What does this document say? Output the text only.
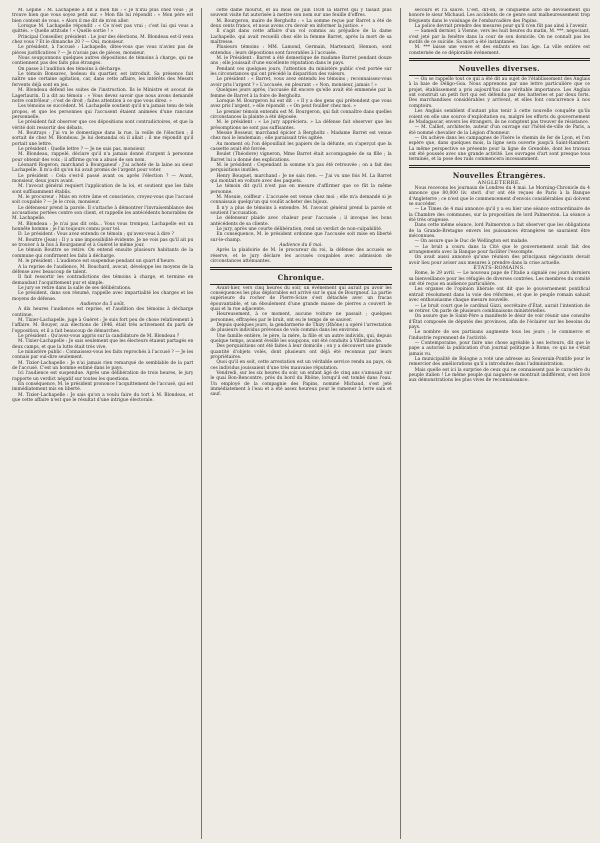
M. Lépine : M. Lachapelle a dit à mon fils : « Je n'irai plus chez vous ; je trouve bien que vous soyez petit sur. » Mon fils lui répondit : « Mon père est bien content de vous. » Alors il me dit de m'en aller.

Lorsque M. Lachapelle répondit : « Ce n'est pas vrai ; c'est lui qui vous a quittés. » Quelle attitude ! « Quelle sortie ! »

Principal Conseiller, président : Le jour des élections, M. Blondeau est-il venu chez vous ? Et le dimanche 20 ? — Oui, monsieur.

Le président, à l'accusé : Lachapelle, dites-vous que vous n'aviez pas de pièces justificatives ? — Je n'avais pas de pièces, monsieur.

Nous soupçonnons quelques autres dépositions de témoins à charge, qui ne contiennent pas des faits plus étranges.

On passe à l'audition des témoins à décharge.

Le témoin Bonsavec, bedeau du quartier, est introduit. Sa présence fait naître une certaine agitation, car, dans cette affaire, les intérêts des Messrs fervents déjà sont en jeu.

M. Blondeau défend les suites de l'instruction. Ils le Ministre et avocat de Lagerlaurin. Il a dit au témoin : « Vous devez savoir que nous avons demandé notre contrôleur ; c'est de droit ; faites attention à ce que vous direz. »

Les témoins se succèdent. M. Lachapelle soutient qu'il n'a jamais tenu de tels propos, et que les personnes qui l'accusent étaient animées d'une rancune personnelle.

Le président fait observer que ces dépositions sont contradictoires, et que la vérité doit ressortir des débats.

M. Boutrays : J'ai vu le domestique dans la rue, la veille de l'élection ; il sortait de chez M. Blondeau. Je lui demandai où il allait ; il me répondit qu'il portait une lettre.

Le président : Quelle lettre ? — Je ne sais pas, monsieur.

M. Blondeau, rappelé, déclare qu'il n'a jamais donné d'argent à personne pour obtenir des voix ; il affirme qu'on a abusé de son nom.

Léonard Rogeron, marchand à Bourganeuf : J'ai acheté de la laine au sieur Lachapelle. Il m'a dit qu'on lui avait promis de l'argent pour voter.

Le président : Cela s'est-il passé avant ou après l'élection ? — Avant, monsieur, deux jours avant.

M. l'avocat général requiert l'application de la loi, et soutient que les faits sont suffisamment établis.

M. le procureur : Mais en votre âme et conscience, croyez-vous que l'accusé soit coupable ? — Je le crois, monsieur.

Le défenseur prend la parole. Il s'attache à démontrer l'invraisemblance des accusations portées contre son client, et rappelle les antécédents honorables de M. Lachapelle.

M. Blondeau : Je n'ai pas dit cela... Vous vous trompez, Lachapelle est un honnête homme ; je l'ai toujours connu pour tel.

D. Le président : Vous avez entendu ce témoin ; qu'avez-vous à dire ?

M. Bouttre (Jean) : Il y a une impossibilité évidente. Je ne vois pas qu'il ait pu se trouver à la fois à Bourganeuf et à Guéret le même jour.

Le témoin Bouttre se retire. On entend ensuite plusieurs habitants de la commune qui confirment les faits à décharge.

M. le président : L'audience est suspendue pendant un quart d'heure.

A la reprise de l'audience, M. Bouchard, avocat, développe les moyens de la défense avec beaucoup de talent.

Il fait ressortir les contradictions des témoins à charge, et termine en demandant l'acquittement pur et simple.

Le jury se retire dans la salle de ses délibérations.

Le président, dans son résumé, rappelle avec impartialité les charges et les moyens de défense.

Audience du 5 août.

A dix heures l'audience est reprise, et l'audition des témoins à décharge continue.

M. Tixier-Lachapelle, juge à Guéret : Je suis fort peu de chose relativement à l'affaire. M. Bouyer, aux élections de 1846, était très activement du parti de l'opposition, et il a fait beaucoup de démarches.

Le président : Qu'avez-vous appris sur la candidature de M. Blondeau ?

M. Tixier-Lachapelle : Je sais seulement que les électeurs étaient partagés en deux camps, et que la lutte était très vive.

Le ministère public : Connaissez-vous les faits reprochés à l'accusé ? — Je les connais par ouï-dire seulement.

M. Tixier-Lachapelle : Je n'ai jamais rien remarqué de semblable de la part de l'accusé. C'est un homme estimé dans le pays.

Ici l'audience est suspendue. Après une délibération de trois heures, le jury rapporte un verdict négatif sur toutes les questions.

En conséquence, M. le président prononce l'acquittement de l'accusé, qui est immédiatement mis en liberté.

M. Tixier-Lachapelle : Je sais qu'on a voulu faire du tort à M. Blondeau, et que cette affaire n'est que le résultat d'une intrigue électorale.

cette dame mourut, et au mois de juin 1838 la Barret qui y faisait plus souvent visite fut autorisée à mettre son nom sur une feuille d'offres.

M. Bourgeron, maire de Bergholtz : « La somme reçue par Barret a été de deux cents francs, et nous avons cru devoir en informer la justice. »

Il s'agit dans cette affaire d'un vol commis au préjudice de la dame Lachapelle, qui avait recueilli chez elle la femme Barret, après la mort de sa maîtresse.

Plusieurs témoins : MM. Lamond, Germain, Martenard, Hennon, sont entendus ; leurs dépositions sont favorables à l'accusée.

M. le Président : Barret a été domestique de madame Barret pendant douze ans ; elle jouissait d'une excellente réputation dans le pays.

Pendant ces quelques jours, l'attention du ministère public s'est portée sur les circonstances qui ont précédé la disparition des valeurs.

Le président : « Barret, vous avez entendu les témoins ; reconnaissez-vous avoir pris l'argent ? » L'accusée, en pleurant : « Non, monsieur, jamais ! »

Quelques jours après, l'accusée dit encore qu'elle avait été emmenée par la femme de Barret à la foire de Bergholtz.

Lorsque M. Bourgeron lui eut dit : « Il y a des gens qui prétendent que vous avez pris l'argent, » elle répondit : « On peut fouiller chez moi. »

Le premier témoin entendu est M. Bourgeron, qui fait connaître dans quelles circonstances la plainte a été déposée.

M. le président : « Le jury appréciera. » La défense fait observer que les présomptions ne sont pas suffisantes.

Messie Bosseur, marchand épicier à Bergholtz : Madame Barret est venue chez moi le lendemain ; elle paraissait très agitée.

Au moment où l'on dépouillait les papiers de la défunte, on s'aperçut que la cassette avait été forcée.

Boulet (Théodore) vigneron, Mme Barret était accompagnée de sa fille ; la Barret lui a donné des explications.

M. le président : Cependant la somme n'a pas été retrouvée ; on a fait des perquisitions inutiles.

Henry Bouquet, marchand : Je ne sais rien. — J'ai vu une fois M. La Barret qui montait en voiture avec des paquets.

Le témoin dit qu'il n'est pas en mesure d'affirmer que ce fût la même personne.

M. Mosuie, coiffeur : L'accusée est venue chez moi ; elle m'a demandé si je connaissais quelqu'un qui voulût acheter des bijoux.

Il n'y a plus de témoins à entendre. M. l'avocat général prend la parole et soutient l'accusation.

Le défenseur plaide avec chaleur pour l'accusée ; il invoque les bons antécédents de sa cliente.

Le jury, après une courte délibération, rend un verdict de non-culpabilité.

En conséquence, M. le président ordonne que l'accusée soit mise en liberté sur-le-champ.

Audience du 6 mai.

Après la plaidoirie de M. le procureur du roi, la défense des accusés se réserve, et le jury déclare les accusés coupables avec admission de circonstances atténuantes.

Chronique.

Avant-hier, vers cinq heures du soir, un événement qui aurait pu avoir les conséquences les plus déplorables est arrivé sur le quai de Bourgneuf. La partie supérieure du rocher de Pierre-Scize s'est détachée avec un fracas épouvantable, et un éboulement d'une grande masse de pierres a couvert le quai et la rue adjacente.

Heureusement, à ce moment, aucune voiture ne passait ; quelques personnes, effrayées par le bruit, ont eu le temps de se sauver.

Depuis quelques jours, la gendarmerie de Thizy (Rhône) a opéré l'arrestation de plusieurs individus prévenus de vols commis dans les environs.

Une famille entière, le père, la mère, la fille et un autre individu, qui, depuis quelque temps, avaient éveillé les soupçons, ont été conduits à Villefranche.

Des perquisitions ont été faites à leur domicile ; on y a découvert une grande quantité d'objets volés, dont plusieurs ont déjà été reconnus par leurs propriétaires.

Quoi qu'il en soit, cette arrestation est un véritable service rendu au pays, où ces individus jouissaient d'une très mauvaise réputation.

Vendredi, sur les six heures du soir, un enfant âgé de cinq ans s'amusait sur le quai Bon-Rencontre, près du bord du Rhône, lorsqu'il est tombé dans l'eau. Un employé de la compagnie des Papins, nommé Michaud, s'est jeté immédiatement à l'eau et a été assez heureux pour le ramener à terre sain et sauf.

secours et l'a sauvé. C'est, dit-on, le cinquième acte de dévouement qui honore le sieur Michaud. Les accidents de ce genre sont malheureusement trop fréquents dans le voisinage de l'embarcadère des Papins.

La police devrait prendre des mesures pour qu'il n'en fût pas ainsi à l'avenir.

— Samedi dernier, à Vienne, vers les huit heures du matin, M. ***, négociant, s'est jeté par la fenêtre dans la cour de son domicile. On ne connaît pas les motifs de ce suicide. Sa mort a été instantanée.

M. *** laisse une veuve et des enfants en bas âge. La ville entière est consternée de ce déplorable événement.

Nouvelles diverses.

— On se rappelle tout ce qui a été dit au sujet de l'établissement des Anglais à la baie de Déligo-Goa. Nous apprenons par une lettre particulière que ce projet, établissement a pris aujourd'hui une véritable importance. Les Anglais ont construit un petit fort qui est défendu par des batteries et par deux forts. Des marchandises considérables y arrivent, et elles font concurrence à nos comptoirs.

Les Anglais semblent d'autant plus tenir à cette nouvelle conquête qu'ils voient en elle une source d'exploitation ou, malgré les efforts du gouvernement de Madagascar, envers les étrangers, ils ne comptent pas trouver de résistance.

— M. Calliet, architecte, auteur d'un ouvrage sur l'hôtel-de-ville de Paris, a été nommé chevalier de la Légion d'honneur.

— On achève dans les campagnes de l'Isère le chemin de fer de Lyon, et l'on espère que, dans quelques mois, la ligne sera ouverte jusqu'à Saint-Rambert. La même perspective se présente pour la ligne de Grenoble, dont les travaux ont été poussés avec une grande activité. Les ouvrages d'art sont presque tous terminés, et la pose des rails commencera incessamment.

Nouvelles Étrangères.

ANGLETERRE.

Nous recevons les journaux de Londres du 4 mai. Le Morning-Chronicle du 4 annonce que 80,000 liv. sterl. d'or ont été reçues de Paris à la Banque d'Angleterre ; ce n'est que le commencement d'envois considérables qui doivent se succéder.

— Le Times de 4 mai annonce qu'il y a eu hier une séance extraordinaire de la Chambre des communes, sur la proposition de lord Palmerston. La séance a été très orageuse.

Dans cette même séance, lord Palmerston a fait observer que les obligations de la Grande-Bretagne envers les puissances étrangères ne sauraient être méconnues.

— On assure que le Duc de Wellington est malade.

— Le bruit a couru dans la Cité que le gouvernement avait fait des arrangements avec la Banque pour faciliter l'escompte.

On avait aussi annoncé qu'une réunion des principaux négociants devait avoir lieu pour aviser aux mesures à prendre dans la crise actuelle.

ÉTATS-ROMAINS.

Rome, le 29 avril. — Le nouveau pape de l'Italie a signalé ces jours derniers sa bienveillance pour les réfugiés de diverses contrées. Les membres du comité ont été reçus en audience particulière.

Les organes de l'opinion libérale ont dit que le gouvernement pontifical entrait résolument dans la voie des réformes, et que le peuple romain saluait avec enthousiasme chaque mesure nouvelle.

— Le bruit court que le cardinal Gizzi, secrétaire d'État, aurait l'intention de se retirer. On parle de plusieurs combinaisons ministérielles.

On assure que le Saint-Père a manifesté le désir de voir réunir une consulte d'État composée de députés des provinces, afin de l'éclairer sur les besoins du pays.

Le nombre de ses partisans augmente tous les jours ; le commerce et l'industrie reprennent de l'activité.

— Contemporaine, pour faire une chose agréable à ses lecteurs, dit que le pape a autorisé la publication d'un journal politique à Rome, ce qui ne s'était jamais vu.

La municipalité de Bologne a voté une adresse au Souverain-Pontife pour le remercier des améliorations qu'il a introduites dans l'administration.

Mais quelle est ici la surprise de ceux qui ne connaissent pas le caractère du peuple italien ! Le même peuple qui naguère se montrait indifférent, s'est livré aux démonstrations les plus vives de reconnaissance.
